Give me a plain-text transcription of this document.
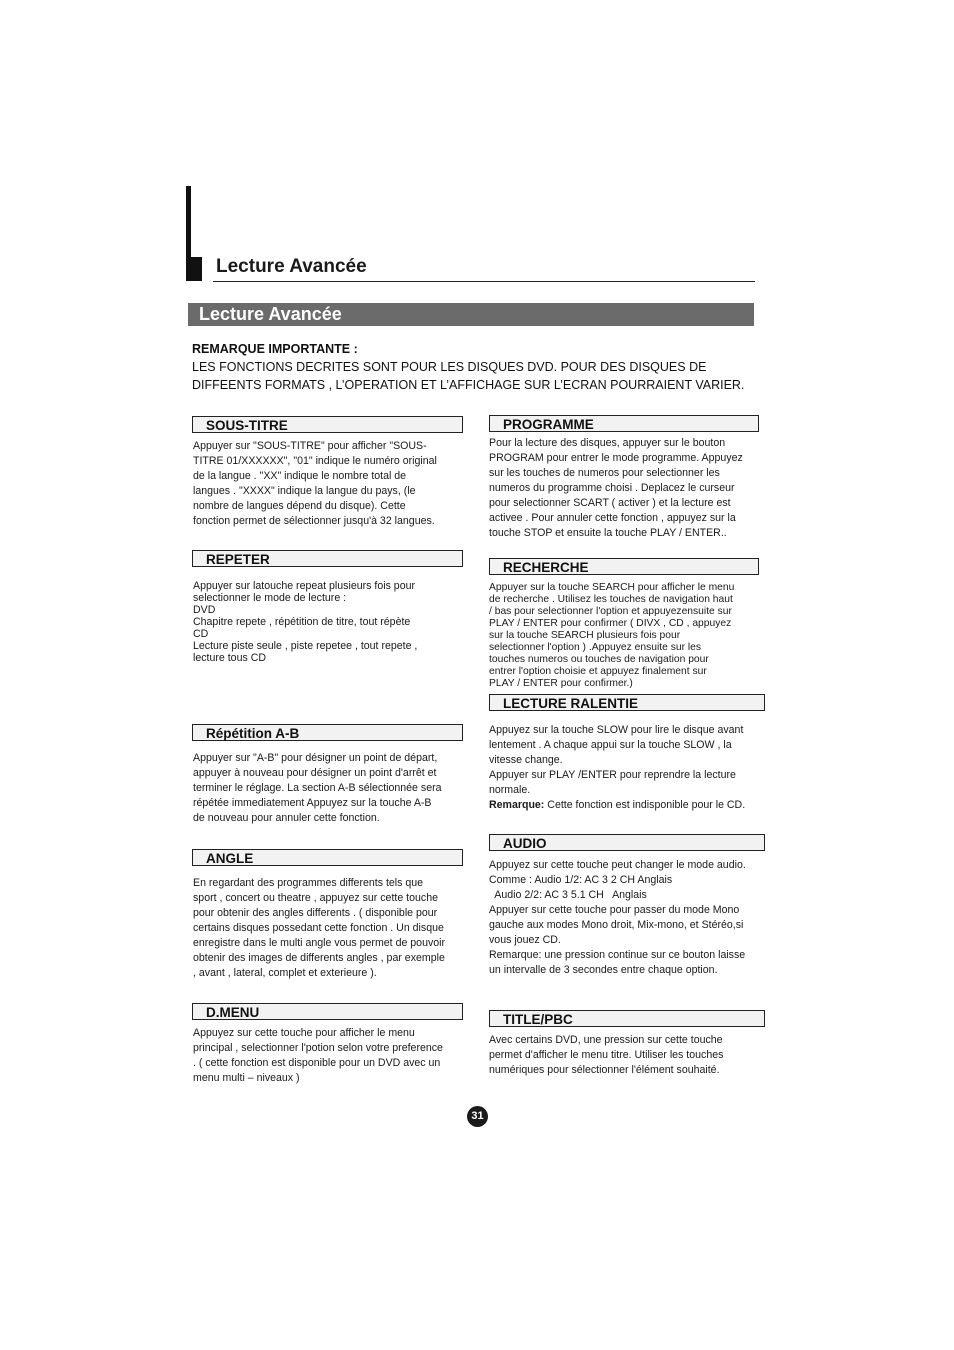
Lecture Avancée
Lecture Avancée
REMARQUE IMPORTANTE :
LES FONCTIONS DECRITES SONT POUR LES DISQUES DVD. POUR DES DISQUES DE
DIFFEENTS FORMATS , L’OPERATION ET L’AFFICHAGE SUR L’ECRAN POURRAIENT VARIER.
SOUS-TITRE

Appuyer sur "SOUS-TITRE" pour afficher "SOUS-

TITRE 01/XXXXXX", "01" indique le numéro original

de la langue . "XX" indique le nombre total de

langues . "XXXX" indique la langue du pays, (le

nombre de langues dépend du disque). Cette

fonction permet de sélectionner jusqu'à 32 langues.

REPETER

Appuyer sur latouche repeat plusieurs fois pour

selectionner le mode de lecture :

DVD

Chapitre repete , répétition de titre, tout répète

CD

Lecture piste seule , piste repetee , tout repete ,

lecture tous CD

Répétition A-B

Appuyer sur "A-B" pour désigner un point de départ,

appuyer à nouveau pour désigner un point d'arrêt et

terminer le réglage. La section A-B sélectionnée sera

répétée immediatement Appuyez sur la touche A-B

de nouveau pour annuler cette fonction.

ANGLE

En regardant des programmes differents tels que

sport , concert ou theatre , appuyez sur cette touche

pour obtenir des angles differents . ( disponible pour

certains disques possedant cette fonction . Un disque

enregistre dans le multi angle vous permet de pouvoir

obtenir des images de differents angles , par exemple

, avant , lateral, complet et exterieure ).

D.MENU

Appuyez sur cette touche pour afficher le menu

principal , selectionner l'potion selon votre preference

. ( cette fonction est disponible pour un DVD avec un

menu multi – niveaux )

PROGRAMME

Pour la lecture des disques, appuyer sur le bouton

PROGRAM pour entrer le mode programme. Appuyez

sur les touches de numeros pour selectionner les

numeros du programme choisi . Deplacez le curseur

pour selectionner SCART ( activer ) et la lecture est

activee . Pour annuler cette fonction , appuyez sur la

touche STOP et ensuite la touche PLAY / ENTER..

RECHERCHE

Appuyer sur la touche SEARCH pour afficher le menu

de recherche . Utilisez les touches de navigation haut

/ bas pour selectionner l'option et appuyezensuite sur

PLAY / ENTER pour confirmer ( DIVX , CD , appuyez

sur la touche SEARCH plusieurs fois pour

selectionner l'option ) .Appuyez ensuite sur les

touches numeros ou touches de navigation pour

entrer l'option choisie et appuyez finalement sur

PLAY / ENTER pour confirmer.)

LECTURE RALENTIE

Appuyez sur la touche SLOW pour lire le disque avant

lentement . A chaque appui sur la touche SLOW , la

vitesse change.

Appuyer sur PLAY /ENTER pour reprendre la lecture

normale.

Remarque: Cette fonction est indisponible pour le CD.

AUDIO

Appuyez sur cette touche peut changer le mode audio.

Comme : Audio 1/2: AC 3 2 CH Anglais

Audio 2/2: AC 3 5.1 CH   Anglais

Appuyer sur cette touche pour passer du mode Mono

gauche aux modes Mono droit, Mix-mono, et Stéréo,si

vous jouez CD.

Remarque: une pression continue sur ce bouton laisse

un intervalle de 3 secondes entre chaque option.

TITLE/PBC

Avec certains DVD, une pression sur cette touche

permet d'afficher le menu titre. Utiliser les touches

numériques pour sélectionner l'élément souhaité.

31
